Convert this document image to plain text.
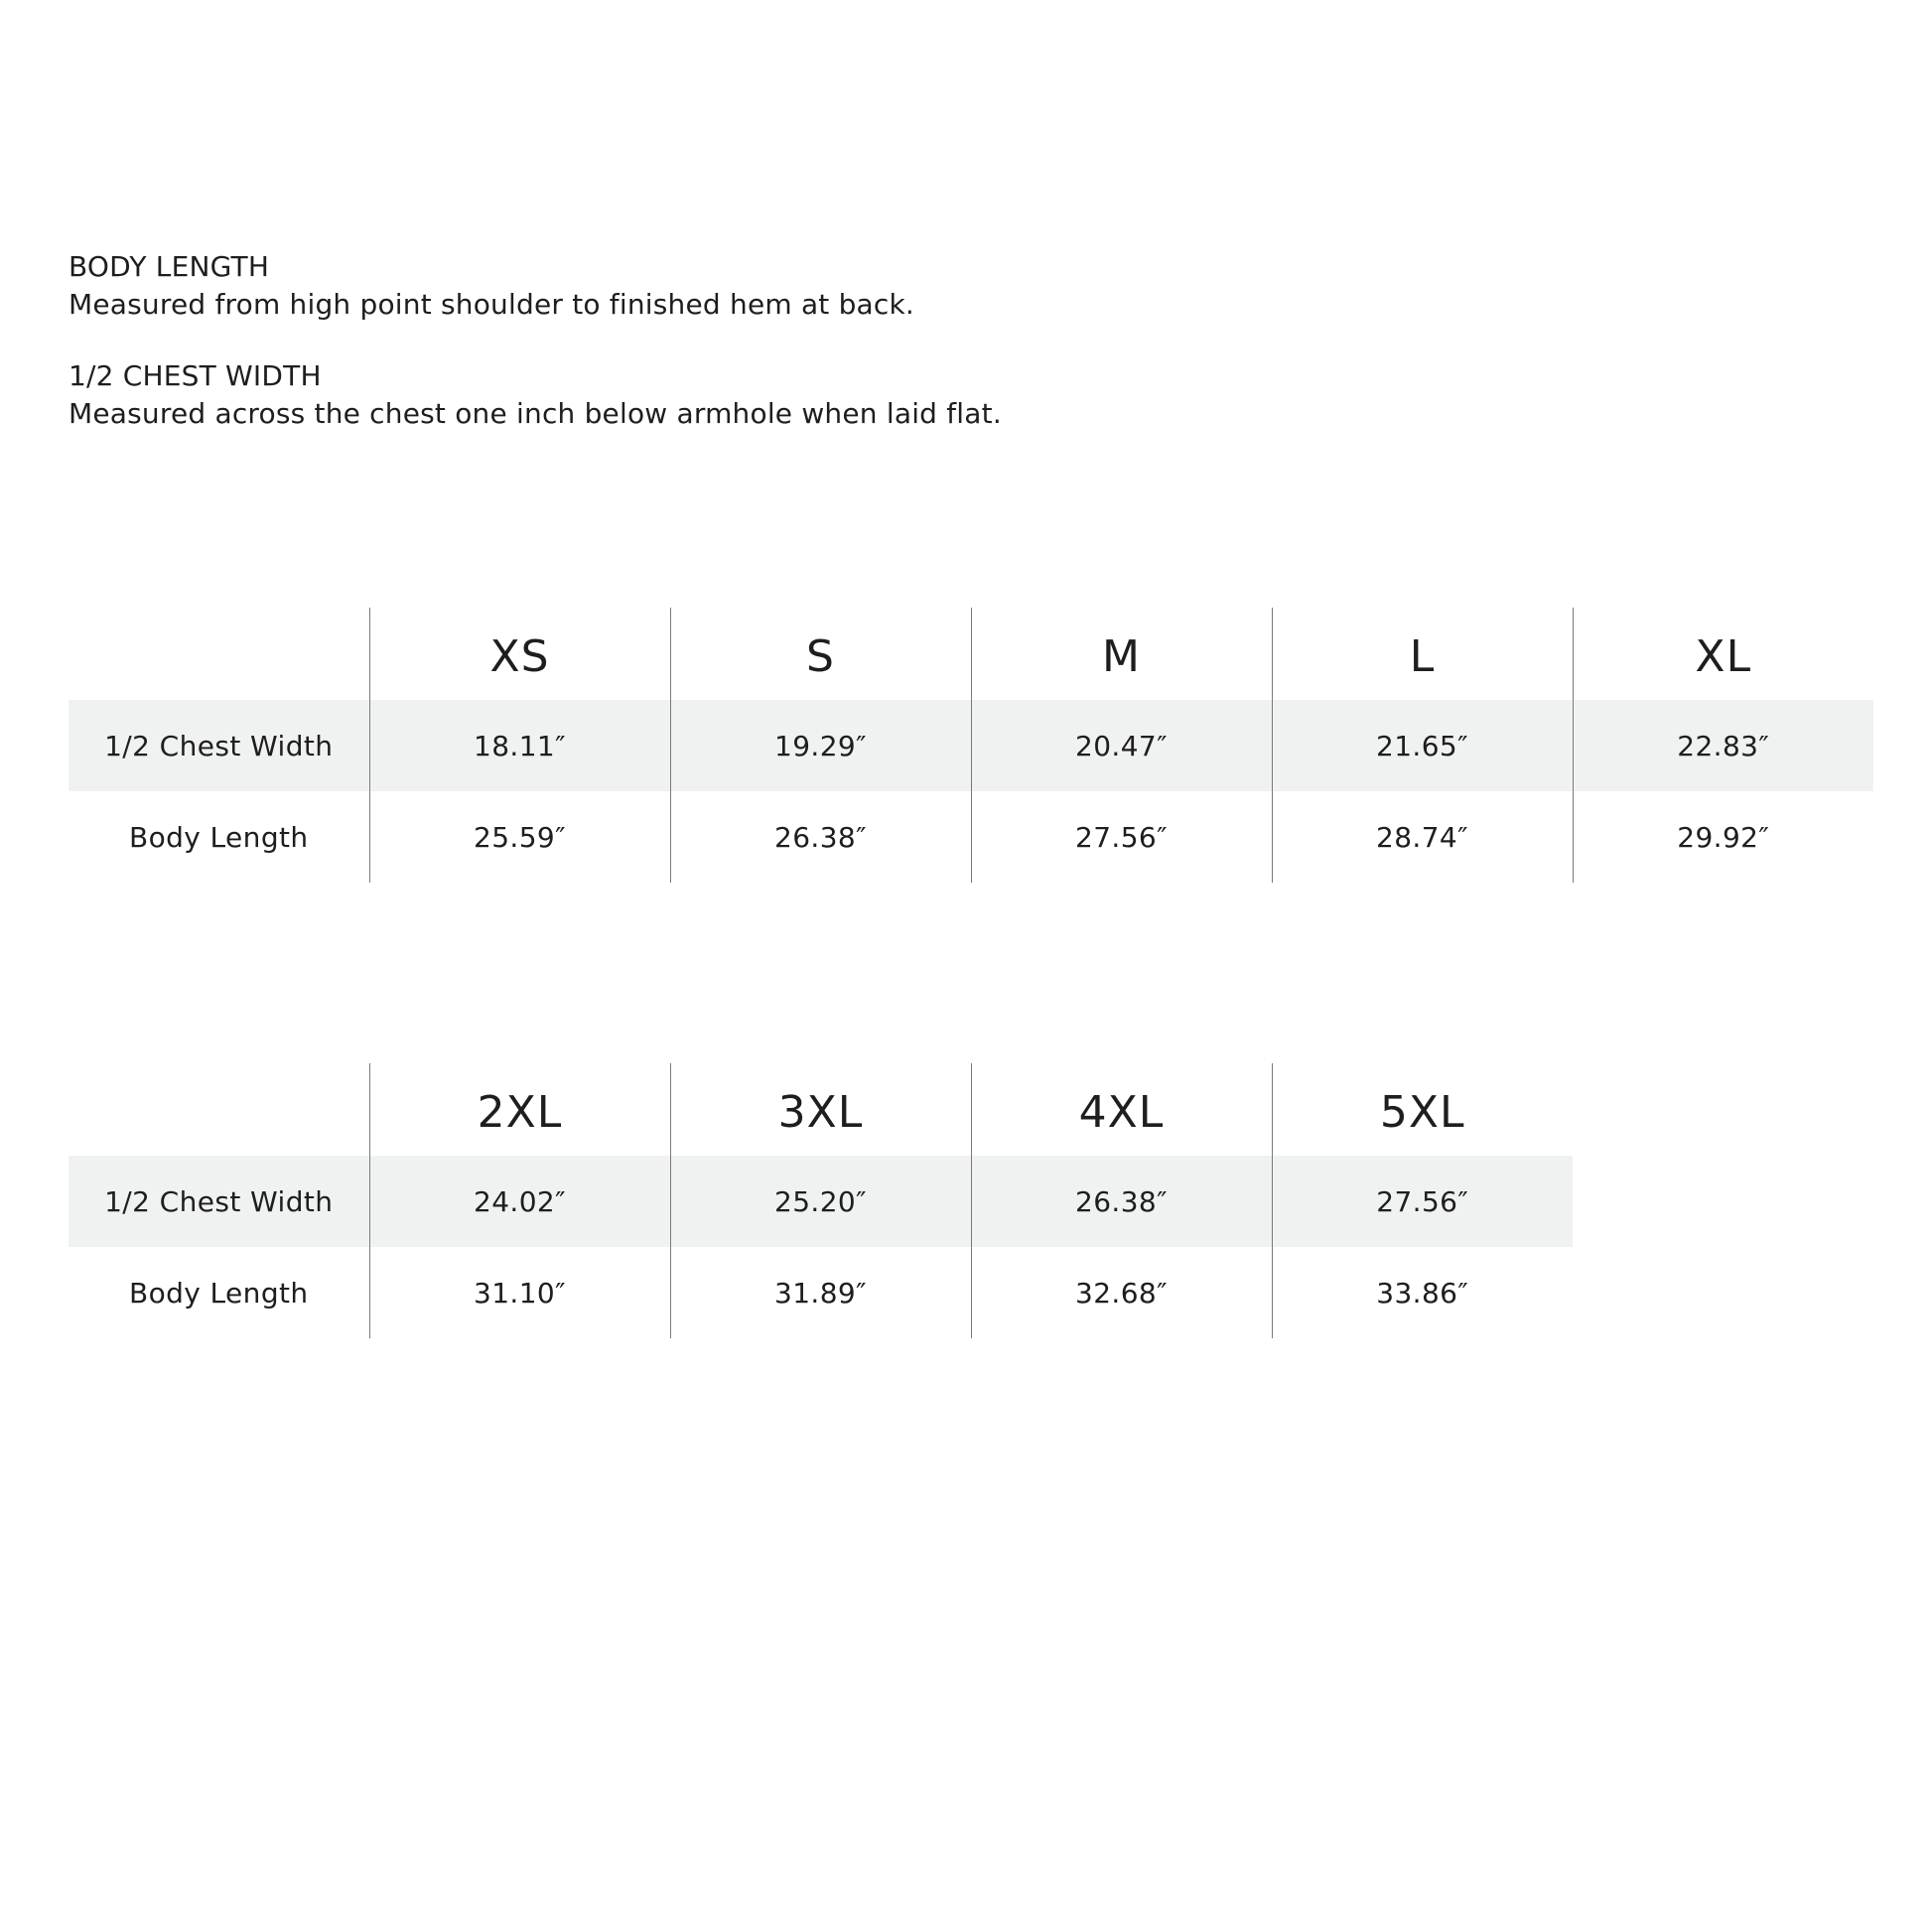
BODY LENGTH
Measured from high point shoulder to finished hem at back.
1/2 CHEST WIDTH
Measured across the chest one inch below armhole when laid flat.
	XS	S	M	L	XL
1/2 Chest Width	18.11″	19.29″	20.47″	21.65″	22.83″
Body Length	25.59″	26.38″	27.56″	28.74″	29.92″
	2XL	3XL	4XL	5XL
1/2 Chest Width	24.02″	25.20″	26.38″	27.56″
Body Length	31.10″	31.89″	32.68″	33.86″
